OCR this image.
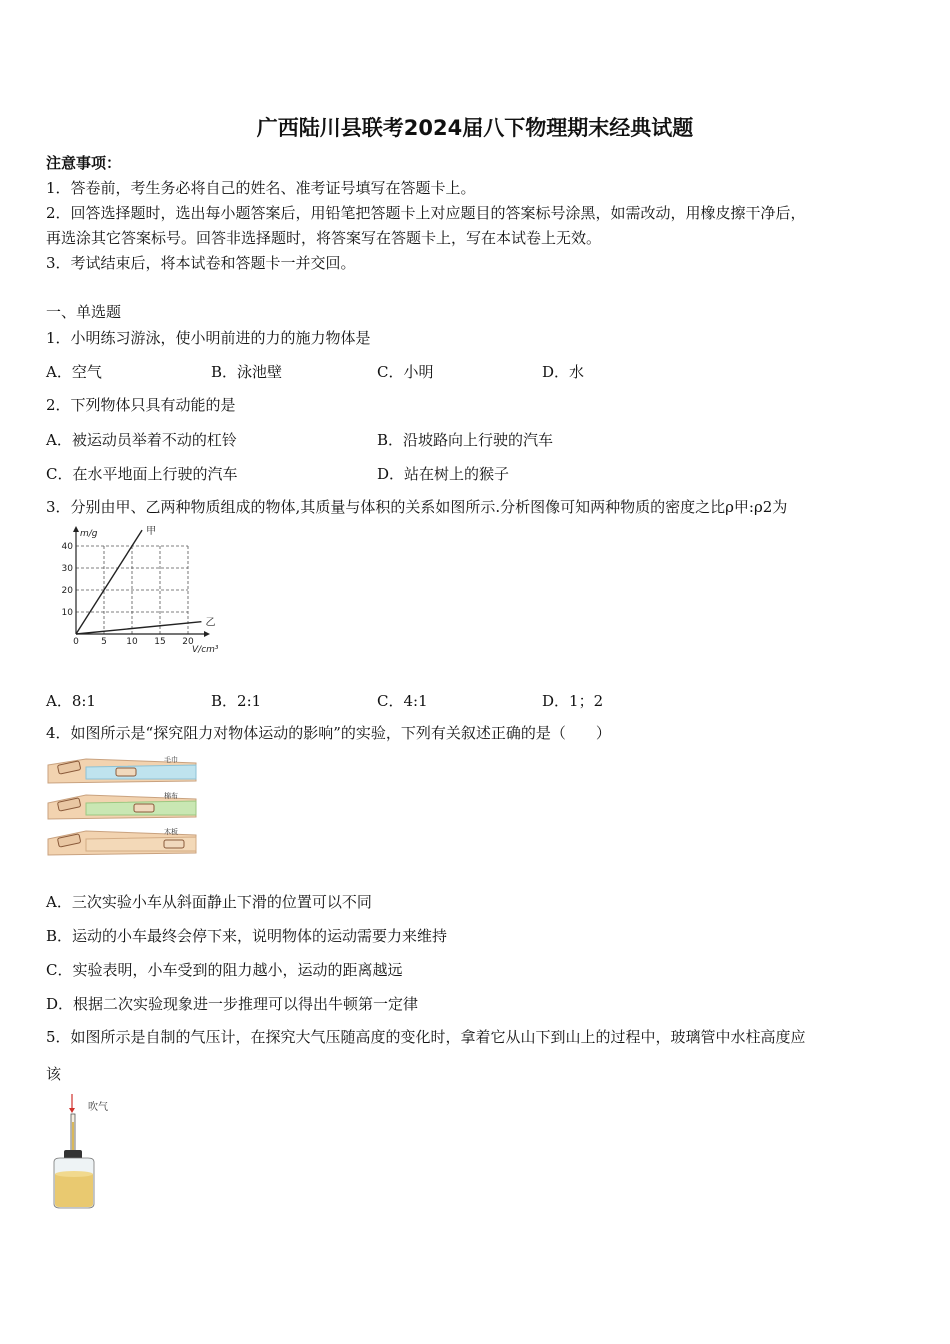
广西陆川县联考2024届八下物理期末经典试题
注意事项：
1．答卷前，考生务必将自己的姓名、准考证号填写在答题卡上。
2．回答选择题时，选出每小题答案后，用铅笔把答题卡上对应题目的答案标号涂黑，如需改动，用橡皮擦干净后，
再选涂其它答案标号。回答非选择题时，将答案写在答题卡上，写在本试卷上无效。
3．考试结束后，将本试卷和答题卡一并交回。
一、单选题
1．小明练习游泳，使小明前进的力的施力物体是
A．空气	B．泳池壁	C．小明	D．水
2．下列物体只具有动能的是
A．被运动员举着不动的杠铃	B．沿坡路向上行驶的汽车
C．在水平地面上行驶的汽车	D．站在树上的猴子
3．分别由甲、乙两种物质组成的物体,其质量与体积的关系如图所示.分析图像可知两种物质的密度之比ρ甲:ρ2为
0 5 10 15 20
10
20
30
40
甲
乙
m/g
V/cm³
A．8:1	B．2:1	C．4:1	D．1；2
4．如图所示是“探究阻力对物体运动的影响”的实验，下列有关叙述正确的是（　　）
毛巾
棉布
木板
A．三次实验小车从斜面静止下滑的位置可以不同
B．运动的小车最终会停下来，说明物体的运动需要力来维持
C．实验表明，小车受到的阻力越小，运动的距离越远
D．根据二次实验现象进一步推理可以得出牛顿第一定律
5．如图所示是自制的气压计，在探究大气压随高度的变化时，拿着它从山下到山上的过程中，玻璃管中水柱高度应
该
吹气
